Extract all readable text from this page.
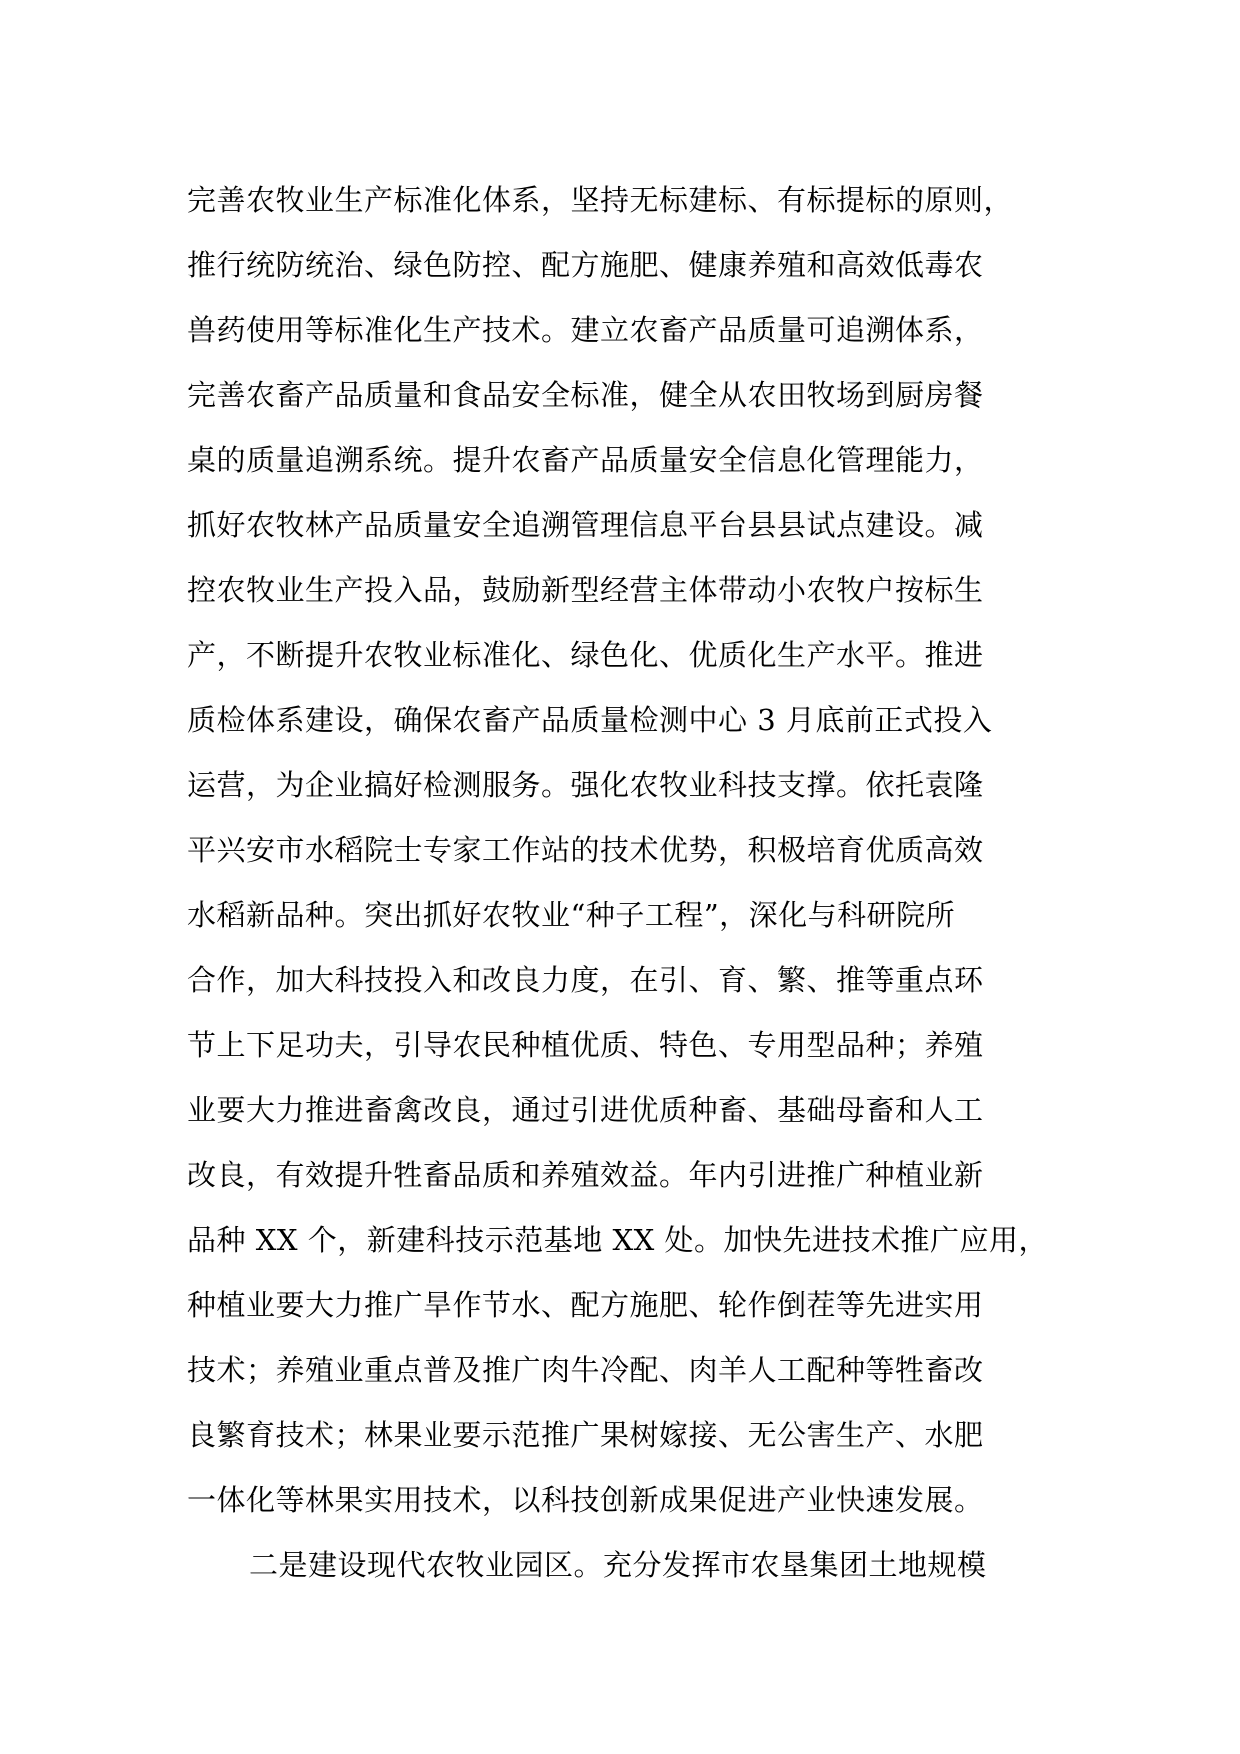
完善农牧业生产标准化体系，坚持无标建标、有标提标的原则，
推行统防统治、绿色防控、配方施肥、健康养殖和高效低毒农
兽药使用等标准化生产技术。建立农畜产品质量可追溯体系，
完善农畜产品质量和食品安全标准，健全从农田牧场到厨房餐
桌的质量追溯系统。提升农畜产品质量安全信息化管理能力，
抓好农牧林产品质量安全追溯管理信息平台县县试点建设。减
控农牧业生产投入品，鼓励新型经营主体带动小农牧户按标生
产，不断提升农牧业标准化、绿色化、优质化生产水平。推进
质检体系建设，确保农畜产品质量检测中心 3 月底前正式投入
运营，为企业搞好检测服务。强化农牧业科技支撑。依托袁隆
平兴安市水稻院士专家工作站的技术优势，积极培育优质高效
水稻新品种。突出抓好农牧业“种子工程”，深化与科研院所
合作，加大科技投入和改良力度，在引、育、繁、推等重点环
节上下足功夫，引导农民种植优质、特色、专用型品种；养殖
业要大力推进畜禽改良，通过引进优质种畜、基础母畜和人工
改良，有效提升牲畜品质和养殖效益。年内引进推广种植业新
品种 XX 个，新建科技示范基地 XX 处。加快先进技术推广应用，
种植业要大力推广旱作节水、配方施肥、轮作倒茬等先进实用
技术；养殖业重点普及推广肉牛冷配、肉羊人工配种等牲畜改
良繁育技术；林果业要示范推广果树嫁接、无公害生产、水肥
一体化等林果实用技术，以科技创新成果促进产业快速发展。
二是建设现代农牧业园区。充分发挥市农垦集团土地规模
